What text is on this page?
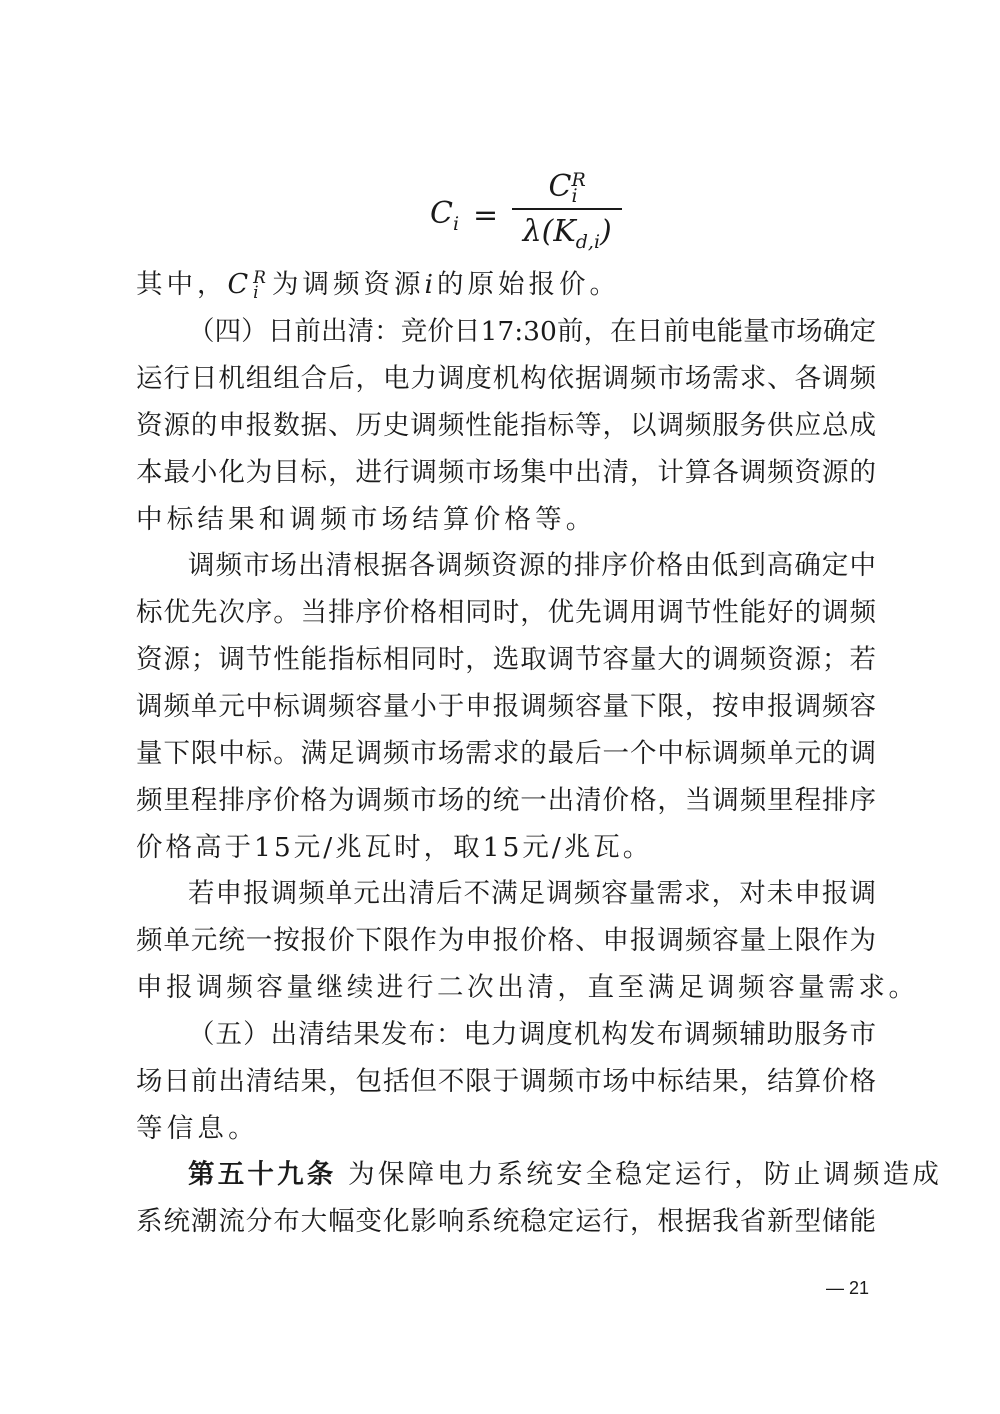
$C_i = C$ R
i
$\lambda(K_{d,i})$
其中，C R
i 为调频资源i的原始报价。
（四）日前出清：竞价日17:30前，在日前电能量市场确定
运行日机组组合后，电力调度机构依据调频市场需求、各调频
资源的申报数据、历史调频性能指标等，以调频服务供应总成
本最小化为目标，进行调频市场集中出清，计算各调频资源的
中标结果和调频市场结算价格等。
调频市场出清根据各调频资源的排序价格由低到高确定中
标优先次序。当排序价格相同时，优先调用调节性能好的调频
资源；调节性能指标相同时，选取调节容量大的调频资源；若
调频单元中标调频容量小于申报调频容量下限，按申报调频容
量下限中标。满足调频市场需求的最后一个中标调频单元的调
频里程排序价格为调频市场的统一出清价格，当调频里程排序
价格高于15元/兆瓦时，取15元/兆瓦。
若申报调频单元出清后不满足调频容量需求，对未申报调
频单元统一按报价下限作为申报价格、申报调频容量上限作为
申报调频容量继续进行二次出清，直至满足调频容量需求。
（五）出清结果发布：电力调度机构发布调频辅助服务市
场日前出清结果，包括但不限于调频市场中标结果，结算价格
等信息。
第五十九条 为保障电力系统安全稳定运行，防止调频造成
系统潮流分布大幅变化影响系统稳定运行，根据我省新型储能
— 21
